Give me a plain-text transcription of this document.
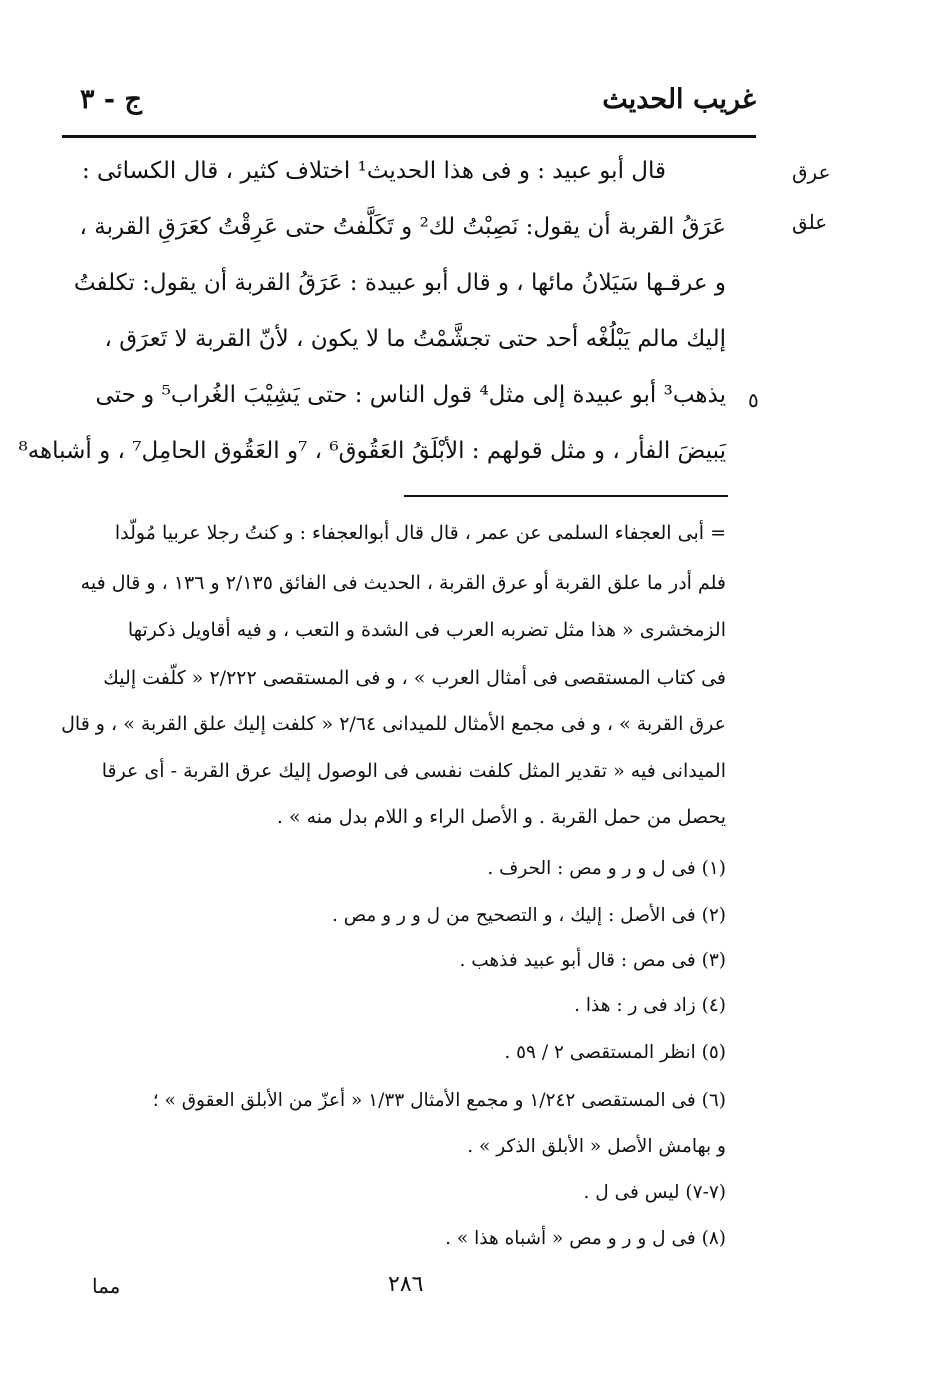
غريب الحديث
ج - ٣
عرق
علق
٥
قال أبو عبيد : و فى هذا الحديث¹ اختلاف كثير ، قال الكسائى :
عَرَقُ القربة أن يقول: نَصِبْتُ لك² و تَكَلَّفتُ حتى عَرِقْتُ كعَرَقِ القربة ،
و عرقـها سَيَلانُ مائها ، و قال أبو عبيدة : عَرَقُ القربة أن يقول: تكلفتُ
إليك مالم يَبْلُغْه أحد حتى تجشَّمْتُ ما لا يكون ، لأنّ القربة لا تَعرَق ،
يذهب³ أبو عبيدة إلى مثل⁴ قول الناس : حتى يَشِيْبَ الغُراب⁵ و حتى
يَبيضَ الفأر ، و مثل قولهم : الأبْلَقُ العَقُوق⁶ ، ⁷و العَقُوق الحامِل⁷ ، و أشباهه⁸
= أبى العجفاء السلمى عن عمر ، قال قال أبوالعجفاء : و كنتُ رجلا عربيا مُولّدا
فلم أدر ما علق القربة أو عرق القربة ، الحديث فى الفائق ٢/١٣٥ و ١٣٦ ، و قال فيه
الزمخشرى « هذا مثل تضربه العرب فى الشدة و التعب ، و فيه أقاويل ذكرتها
فى كتاب المستقصى فى أمثال العرب » ، و فى المستقصى ٢/٢٢٢ « كلّفت إليك
عرق القربة » ، و فى مجمع الأمثال للميدانى ٢/٦٤ « كلفت إليك علق القربة » ، و قال
الميدانى فيه « تقدير المثل كلفت نفسى فى الوصول إليك عرق القربة - أى عرقا
يحصل من حمل القربة . و الأصل الراء و اللام بدل منه » .
(١) فى ل و ر و مص : الحرف .
(٢) فى الأصل : إليك ، و التصحيح من ل و ر و مص .
(٣) فى مص : قال أبو عبيد فذهب .
(٤) زاد فى ر : هذا .
(٥) انظر المستقصى ٢ / ٥٩ .
(٦) فى المستقصى ١/٢٤٢ و مجمع الأمثال ١/٣٣ « أعزّ من الأبلق العقوق » ؛
و بهامش الأصل « الأبلق الذكر » .
(٧-٧) ليس فى ل .
(٨) فى ل و ر و مص « أشباه هذا » .
مما	٢٨٦
